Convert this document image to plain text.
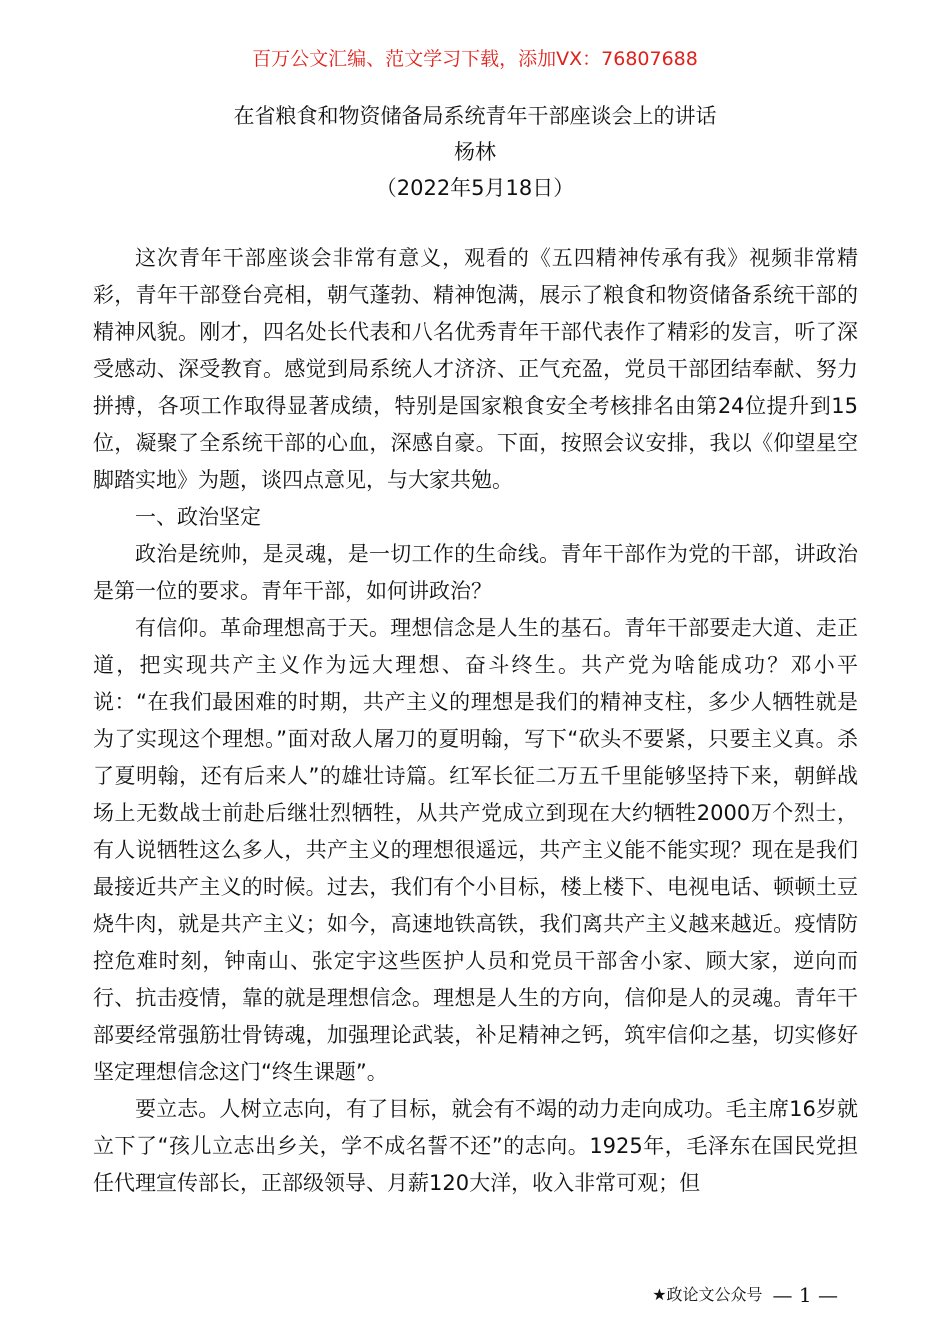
百万公文汇编、范文学习下载，添加VX：76807688
在省粮食和物资储备局系统青年干部座谈会上的讲话
杨林
（2022年5月18日）

这次青年干部座谈会非常有意义，观看的《五四精神传承有我》视频非常精彩，青年干部登台亮相，朝气蓬勃、精神饱满，展示了粮食和物资储备系统干部的精神风貌。刚才，四名处长代表和八名优秀青年干部代表作了精彩的发言，听了深受感动、深受教育。感觉到局系统人才济济、正气充盈，党员干部团结奉献、努力拼搏，各项工作取得显著成绩，特别是国家粮食安全考核排名由第24位提升到15位，凝聚了全系统干部的心血，深感自豪。下面，按照会议安排，我以《仰望星空脚踏实地》为题，谈四点意见，与大家共勉。

一、政治坚定

政治是统帅，是灵魂，是一切工作的生命线。青年干部作为党的干部，讲政治是第一位的要求。青年干部，如何讲政治？

有信仰。革命理想高于天。理想信念是人生的基石。青年干部要走大道、走正道，把实现共产主义作为远大理想、奋斗终生。共产党为啥能成功？邓小平说：“在我们最困难的时期，共产主义的理想是我们的精神支柱，多少人牺牲就是为了实现这个理想。”面对敌人屠刀的夏明翰，写下“砍头不要紧，只要主义真。杀了夏明翰，还有后来人”的雄壮诗篇。红军长征二万五千里能够坚持下来，朝鲜战场上无数战士前赴后继壮烈牺牲，从共产党成立到现在大约牺牲2000万个烈士，有人说牺牲这么多人，共产主义的理想很遥远，共产主义能不能实现？现在是我们最接近共产主义的时候。过去，我们有个小目标，楼上楼下、电视电话、顿顿土豆烧牛肉，就是共产主义；如今，高速地铁高铁，我们离共产主义越来越近。疫情防控危难时刻，钟南山、张定宇这些医护人员和党员干部舍小家、顾大家，逆向而行、抗击疫情，靠的就是理想信念。理想是人生的方向，信仰是人的灵魂。青年干部要经常强筋壮骨铸魂，加强理论武装，补足精神之钙，筑牢信仰之基，切实修好坚定理想信念这门“终生课题”。

要立志。人树立志向，有了目标，就会有不竭的动力走向成功。毛主席16岁就立下了“孩儿立志出乡关，学不成名誓不还”的志向。1925年，毛泽东在国民党担任代理宣传部长，正部级领导、月薪120大洋，收入非常可观；但

★政论文公众号 — 1 —
